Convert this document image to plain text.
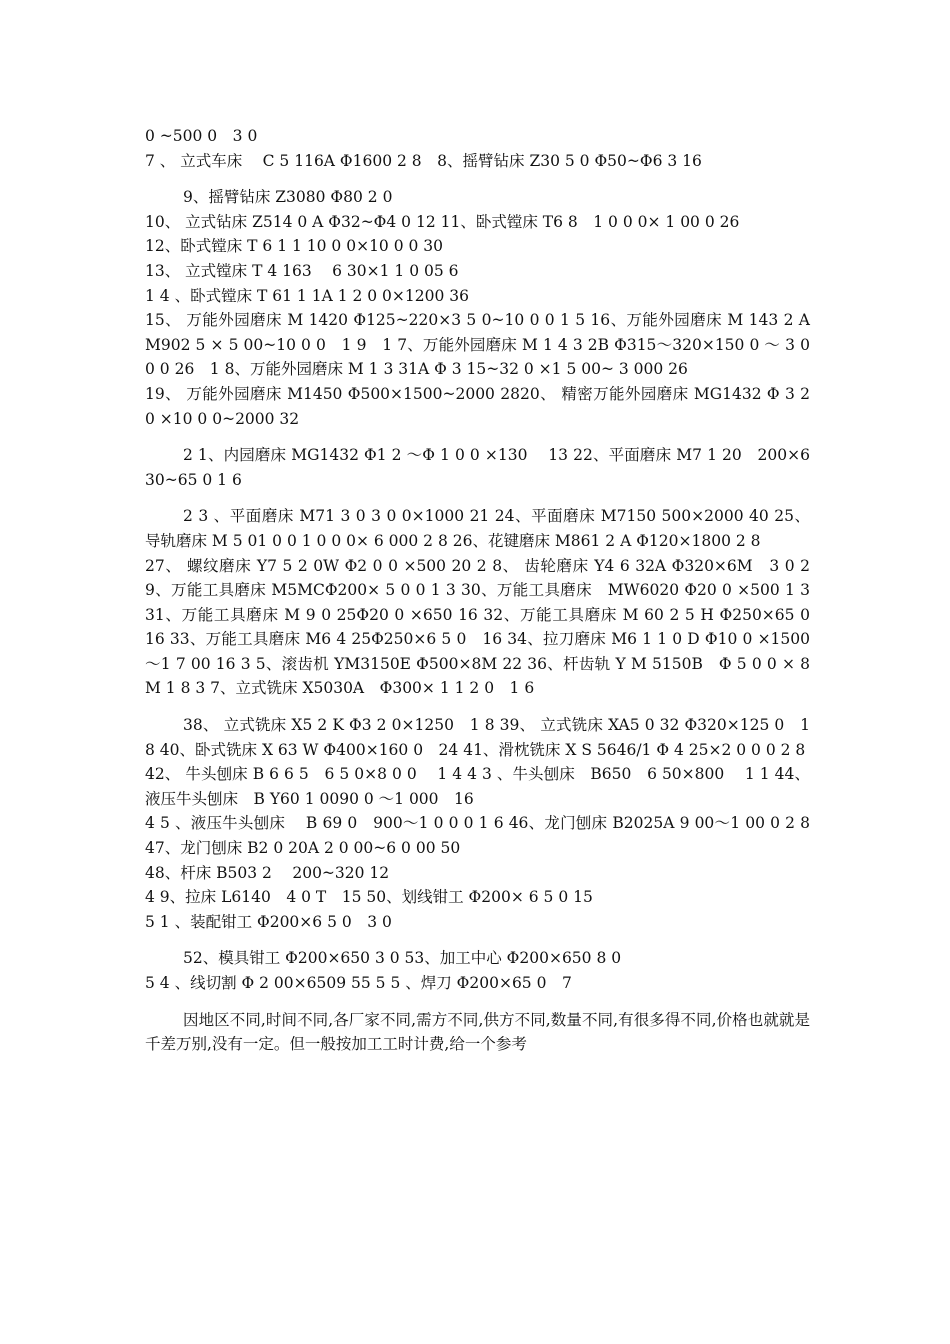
0 ~500 0　3 0

7 、 立式车床　 C 5 116A Φ1600 2 8　8、摇臂钻床 Z30 5 0 Φ50~Φ6 3 16

9、摇臂钻床 Z3080 Φ80 2 0

10、 立式钻床 Z514 0 A Φ32~Φ4 0 12 11、卧式镗床 T6 8　1 0 0 0× 1 00 0 26

12、卧式镗床 T 6 1 1 10 0 0×10 0 0 30

13、 立式镗床 T 4 163　 6 30×1 1 0 05 6

1 4 、卧式镗床 T 61 1 1A 1 2 0 0×1200 36

15、 万能外园磨床 M 1420 Φ125~220×3 5 0~10 0 0 1 5 16、万能外园磨床 M 143 2 A M902 5 × 5 00~10 0 0　1 9　1 7、万能外园磨床 M 1 4 3 2B Φ315～320×150 0 ～ 3 0 0 0 26　1 8、万能外园磨床 M 1 3 31A Φ 3 15~32 0 ×1 5 00~ 3 000 26

19、 万能外园磨床 M1450 Φ500×1500~2000 2820、 精密万能外园磨床 MG1432 Φ 3 2 0 ×10 0 0~2000 32

2 1、内园磨床 MG1432 Φ1 2 ～Φ 1 0 0 ×130　 13 22、平面磨床 M7 1 20　200×630~65 0 1 6

2 3 、平面磨床 M71 3 0 3 0 0×1000 21 24、平面磨床 M7150 500×2000 40 25、导轨磨床 M 5 01 0 0 1 0 0 0× 6 000 2 8 26、花键磨床 M861 2 A Φ120×1800 2 8

27、 螺纹磨床 Y7 5 2 0W Φ2 0 0 ×500 20 2 8、 齿轮磨床 Y4 6 32A Φ320×6M　3 0 29、万能工具磨床 M5MCΦ200× 5 0 0 1 3 30、万能工具磨床　MW6020 Φ20 0 ×500 1 3 31、万能工具磨床 M 9 0 25Φ20 0 ×650 16 32、万能工具磨床 M 60 2 5 H Φ250×65 0　16 33、万能工具磨床 M6 4 25Φ250×6 5 0　16 34、拉刀磨床 M6 1 1 0 D Φ10 0 ×1500～1 7 00 16 3 5、滚齿机 YM3150E Φ500×8M 22 36、杆齿轨 Y M 5150B　Φ 5 0 0 × 8 M 1 8 3 7、立式铣床 X5030A　Φ300× 1 1 2 0　1 6

38、 立式铣床 X5 2 K Φ3 2 0×1250　1 8 39、 立式铣床 XA5 0 32 Φ320×125 0　18 40、卧式铣床 X 63 W Φ400×160 0　24 41、滑枕铣床 X S 5646/1 Φ 4 25×2 0 0 0 2 8

42、 牛头刨床 B 6 6 5　6 5 0×8 0 0　 1 4 4 3 、牛头刨床　B650　6 50×800　 1 1 44、液压牛头刨床　B Y60 1 0090 0 ～1 000　16

4 5 、液压牛头刨床　 B 69 0　900～1 0 0 0 1 6 46、龙门刨床 B2025A 9 00～1 00 0 2 8 47、龙门刨床 B2 0 20A 2 0 00~6 0 00 50

48、杆床 B503 2　 200~320 12

4 9、拉床 L6140　4 0 T　15 50、划线钳工 Φ200× 6 5 0 15

5 1 、装配钳工 Φ200×6 5 0　3 0

52、模具钳工 Φ200×650 3 0 53、加工中心 Φ200×650 8 0

5 4 、线切割 Φ 2 00×6509 55 5 5 、焊刀 Φ200×65 0　7

因地区不同,时间不同,各厂家不同,需方不同,供方不同,数量不同,有很多得不同,价格也就就是千差万别,没有一定。但一般按加工工时计费,给一个参考
